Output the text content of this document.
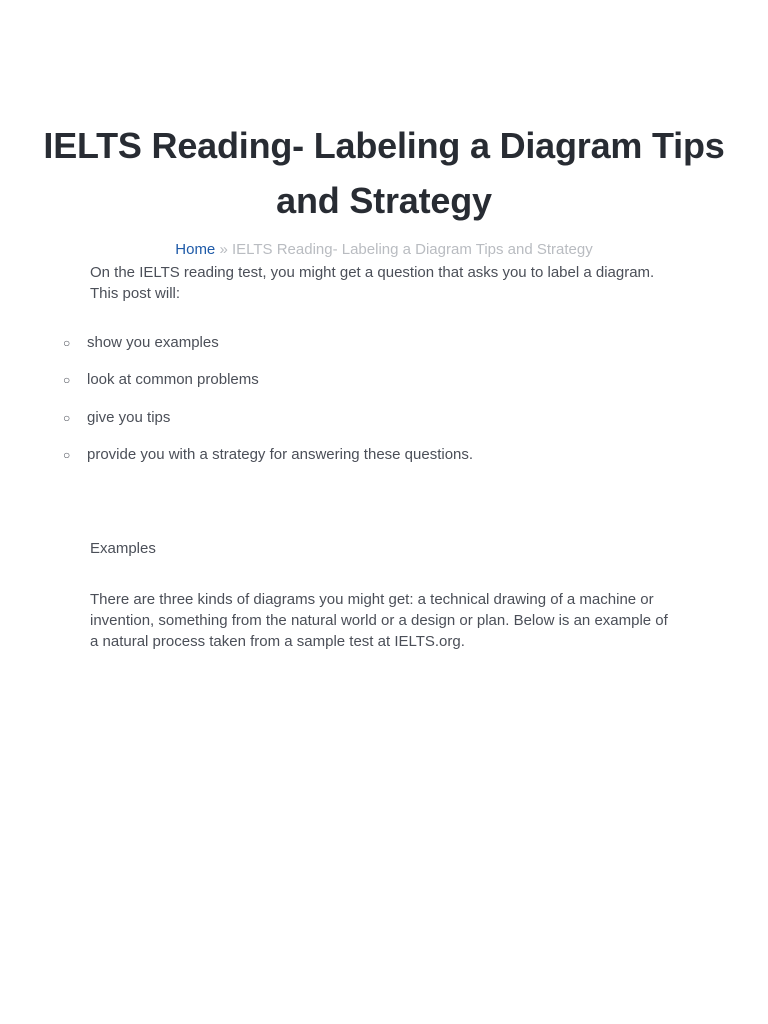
IELTS Reading- Labeling a Diagram Tips and Strategy
Home » IELTS Reading- Labeling a Diagram Tips and Strategy

On the IELTS reading test, you might get a question that asks you to label a diagram. This post will:

○ show you examples
○ look at common problems
○ give you tips
○ provide you with a strategy for answering these questions.
Examples

There are three kinds of diagrams you might get: a technical drawing of a machine or invention, something from the natural world or a design or plan. Below is an example of a natural process taken from a sample test at IELTS.org.
